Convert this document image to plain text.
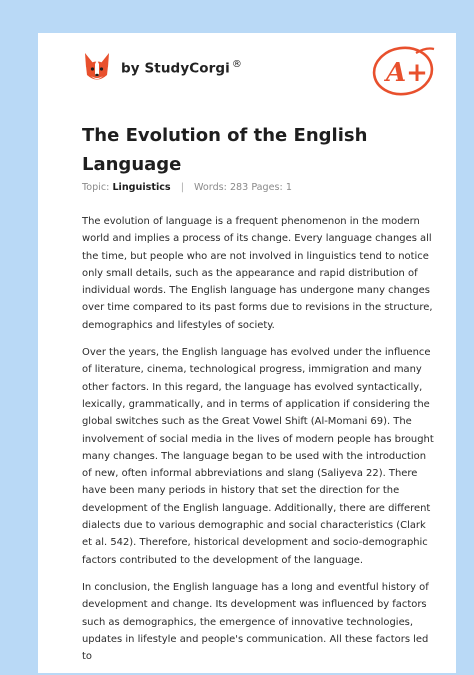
by StudyCorgi ®	A+
The Evolution of the English Language
Topic: Linguistics | Words: 283 Pages: 1

The evolution of language is a frequent phenomenon in the modern world and implies a process of its change. Every language changes all the time, but people who are not involved in linguistics tend to notice only small details, such as the appearance and rapid distribution of individual words. The English language has undergone many changes over time compared to its past forms due to revisions in the structure, demographics and lifestyles of society.

Over the years, the English language has evolved under the influence of literature, cinema, technological progress, immigration and many other factors. In this regard, the language has evolved syntactically, lexically, grammatically, and in terms of application if considering the global switches such as the Great Vowel Shift (Al-Momani 69). The involvement of social media in the lives of modern people has brought many changes. The language began to be used with the introduction of new, often informal abbreviations and slang (Saliyeva 22). There have been many periods in history that set the direction for the development of the English language. Additionally, there are different dialects due to various demographic and social characteristics (Clark et al. 542). Therefore, historical development and socio-demographic factors contributed to the development of the language.

In conclusion, the English language has a long and eventful history of development and change. Its development was influenced by factors such as demographics, the emergence of innovative technologies, updates in lifestyle and people's communication. All these factors led to
